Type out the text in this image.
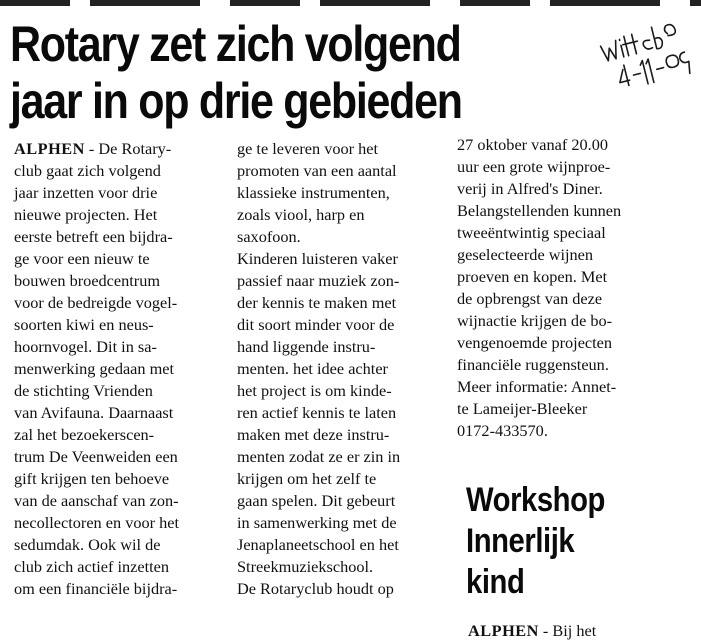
Rotary zet zich volgend
jaar in op drie gebieden
ALPHEN - De Rotary-
club gaat zich volgend
jaar inzetten voor drie
nieuwe projecten. Het
eerste betreft een bijdra-
ge voor een nieuw te
bouwen broedcentrum
voor de bedreigde vogel-
soorten kiwi en neus-
hoornvogel. Dit in sa-
menwerking gedaan met
de stichting Vrienden
van Avifauna. Daarnaast
zal het bezoekerscen-
trum De Veenweiden een
gift krijgen ten behoeve
van de aanschaf van zon-
necollectoren en voor het
sedumdak. Ook wil de
club zich actief inzetten
om een financiële bijdra-
ge te leveren voor het
promoten van een aantal
klassieke instrumenten,
zoals viool, harp en
saxofoon.
Kinderen luisteren vaker
passief naar muziek zon-
der kennis te maken met
dit soort minder voor de
hand liggende instru-
menten. het idee achter
het project is om kinde-
ren actief kennis te laten
maken met deze instru-
menten zodat ze er zin in
krijgen om het zelf te
gaan spelen. Dit gebeurt
in samenwerking met de
Jenaplaneetschool en het
Streekmuziekschool.
De Rotaryclub houdt op
27 oktober vanaf 20.00
uur een grote wijnproe-
verij in Alfred's Diner.
Belangstellenden kunnen
tweeëntwintig speciaal
geselecteerde wijnen
proeven en kopen. Met
de opbrengst van deze
wijnactie krijgen de bo-
vengenoemde projecten
financiële ruggensteun.
Meer informatie: Annet-
te Lameijer-Bleeker
0172-433570.
Workshop
Innerlijk
kind
ALPHEN - Bij het
